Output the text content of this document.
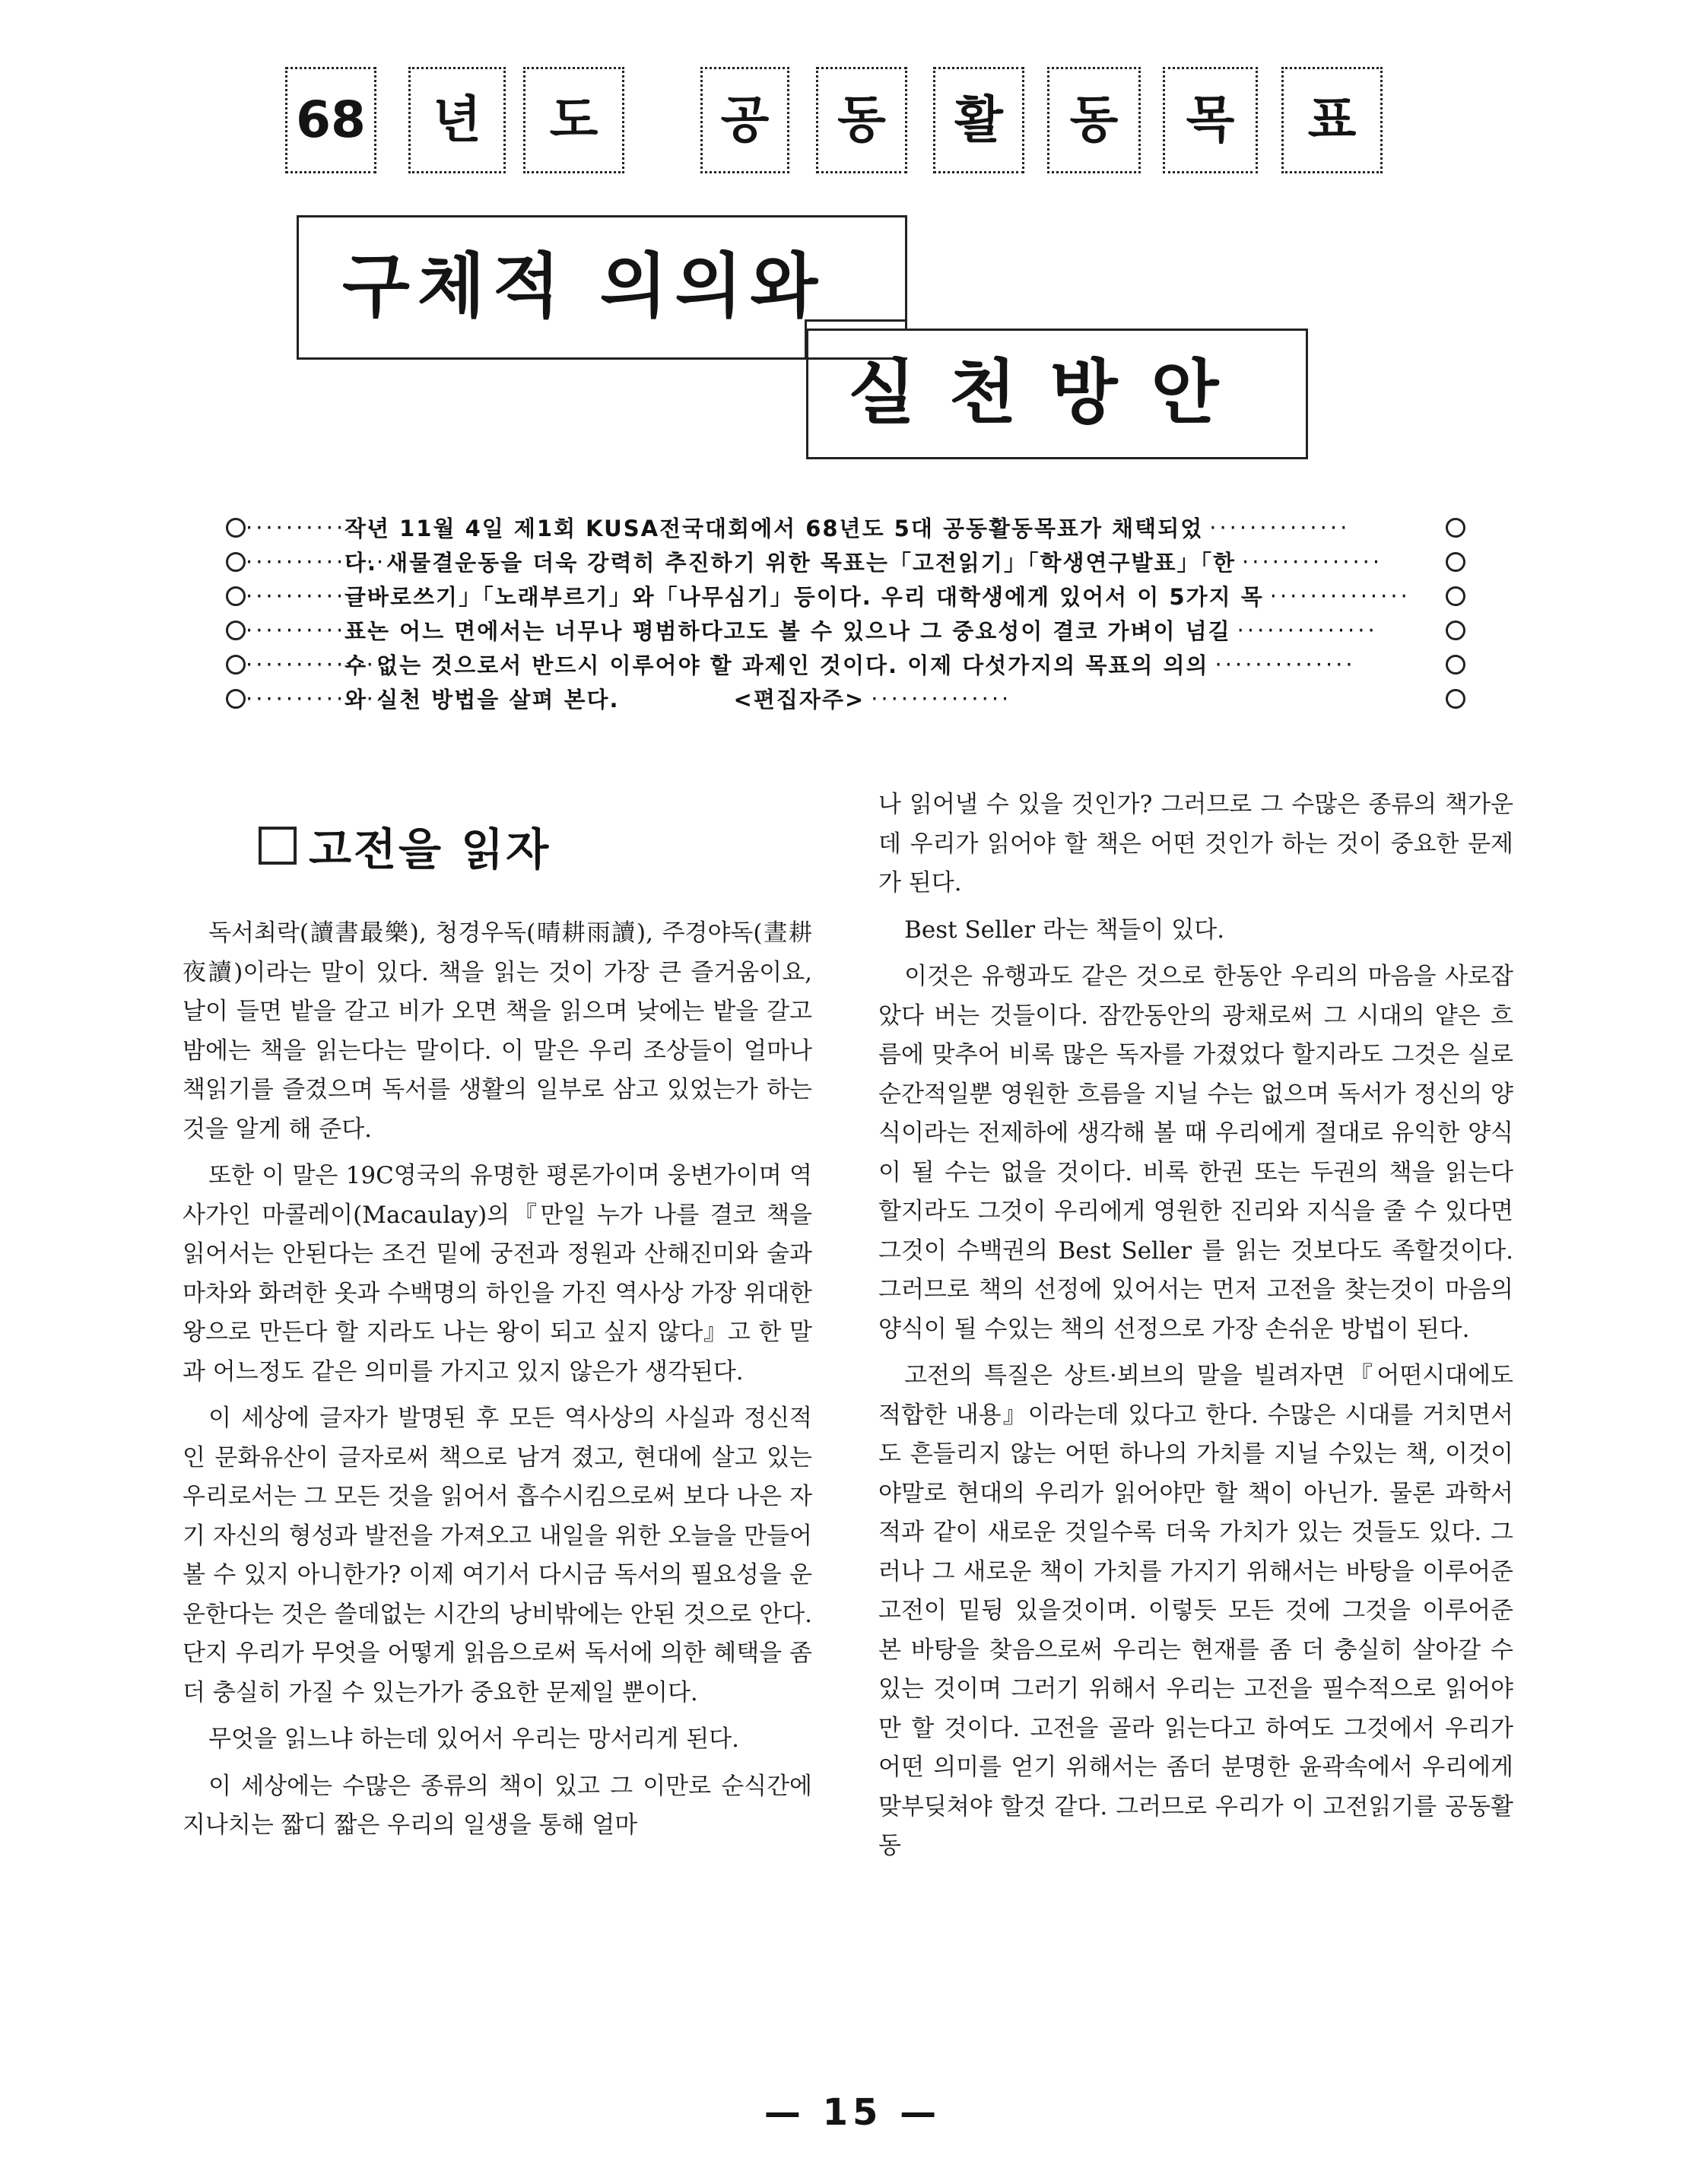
68	년	도	공	동	활	동	목	표
구체적 의의와
실천방안
··············
작년 11월 4일 제1회 KUSA전국대회에서 68년도 5대 공동활동목표가 채택되었 ··············
··············
다. 새물결운동을 더욱 강력히 추진하기 위한 목표는「고전읽기」「학생연구발표」「한 ··············
··············
글바로쓰기」「노래부르기」와「나무심기」등이다. 우리 대학생에게 있어서 이 5가지 목 ··············
··············
표는 어느 면에서는 너무나 평범하다고도 볼 수 있으나 그 중요성이 결코 가벼이 넘길 ··············
··············
수 없는 것으로서 반드시 이루어야 할 과제인 것이다. 이제 다섯가지의 목표의 의의 ··············
··············
와 실천 방법을 살펴 본다.	<편집자주> ··············
고전을 읽자

독서최락(讀書最樂), 청경우독(晴耕雨讀), 주경야독(晝耕夜讀)이라는 말이 있다. 책을 읽는 것이 가장 큰 즐거움이요, 날이 들면 밭을 갈고 비가 오면 책을 읽으며 낮에는 밭을 갈고 밤에는 책을 읽는다는 말이다. 이 말은 우리 조상들이 얼마나 책읽기를 즐겼으며 독서를 생활의 일부로 삼고 있었는가 하는 것을 알게 해 준다.

또한 이 말은 19C영국의 유명한 평론가이며 웅변가이며 역사가인 마콜레이(Macaulay)의『만일 누가 나를 결코 책을 읽어서는 안된다는 조건 밑에 궁전과 정원과 산해진미와 술과 마차와 화려한 옷과 수백명의 하인을 가진 역사상 가장 위대한 왕으로 만든다 할 지라도 나는 왕이 되고 싶지 않다』고 한 말과 어느정도 같은 의미를 가지고 있지 않은가 생각된다.

이 세상에 글자가 발명된 후 모든 역사상의 사실과 정신적인 문화유산이 글자로써 책으로 남겨 졌고, 현대에 살고 있는 우리로서는 그 모든 것을 읽어서 흡수시킴으로써 보다 나은 자기 자신의 형성과 발전을 가져오고 내일을 위한 오늘을 만들어 볼 수 있지 아니한가? 이제 여기서 다시금 독서의 필요성을 운운한다는 것은 쓸데없는 시간의 낭비밖에는 안된 것으로 안다. 단지 우리가 무엇을 어떻게 읽음으로써 독서에 의한 혜택을 좀 더 충실히 가질 수 있는가가 중요한 문제일 뿐이다.

무엇을 읽느냐 하는데 있어서 우리는 망서리게 된다.

이 세상에는 수많은 종류의 책이 있고 그 이만로 순식간에 지나치는 짧디 짧은 우리의 일생을 통해 얼마

나 읽어낼 수 있을 것인가? 그러므로 그 수많은 종류의 책가운데 우리가 읽어야 할 책은 어떤 것인가 하는 것이 중요한 문제가 된다.

Best Seller 라는 책들이 있다.

이것은 유행과도 같은 것으로 한동안 우리의 마음을 사로잡았다 버는 것들이다. 잠깐동안의 광채로써 그 시대의 얕은 흐름에 맞추어 비록 많은 독자를 가졌었다 할지라도 그것은 실로 순간적일뿐 영원한 흐름을 지닐 수는 없으며 독서가 정신의 양식이라는 전제하에 생각해 볼 때 우리에게 절대로 유익한 양식이 될 수는 없을 것이다. 비록 한권 또는 두권의 책을 읽는다 할지라도 그것이 우리에게 영원한 진리와 지식을 줄 수 있다면 그것이 수백권의 Best Seller 를 읽는 것보다도 족할것이다. 그러므로 책의 선정에 있어서는 먼저 고전을 찾는것이 마음의 양식이 될 수있는 책의 선정으로 가장 손쉬운 방법이 된다.

고전의 특질은 상트·뵈브의 말을 빌려자면『어떤시대에도 적합한 내용』이라는데 있다고 한다. 수많은 시대를 거치면서도 흔들리지 않는 어떤 하나의 가치를 지닐 수있는 책, 이것이야말로 현대의 우리가 읽어야만 할 책이 아닌가. 물론 과학서적과 같이 새로운 것일수록 더욱 가치가 있는 것들도 있다. 그러나 그 새로운 책이 가치를 가지기 위해서는 바탕을 이루어준 고전이 밑뒹 있을것이며. 이렇듯 모든 것에 그것을 이루어준 본 바탕을 찾음으로써 우리는 현재를 좀 더 충실히 살아갈 수 있는 것이며 그러기 위해서 우리는 고전을 필수적으로 읽어야만 할 것이다. 고전을 골라 읽는다고 하여도 그것에서 우리가 어떤 의미를 얻기 위해서는 좀더 분명한 윤곽속에서 우리에게 맞부딪쳐야 할것 같다. 그러므로 우리가 이 고전읽기를 공동활동

— 15 —
